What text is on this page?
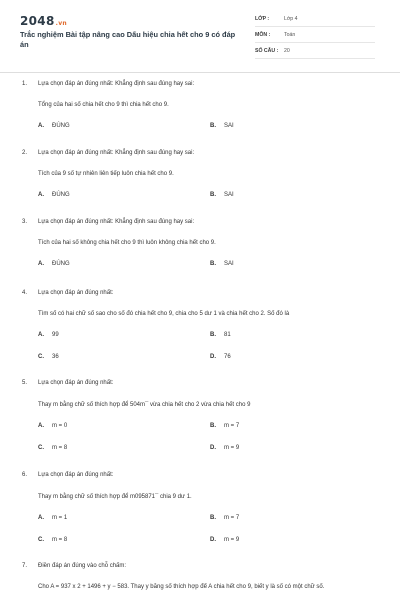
2048.vn
Trắc nghiệm Bài tập nâng cao Dấu hiệu chia hết cho 9 có đáp án
LỚP :	Lớp 4
MÔN :	Toán
SỐ CÂU : 20
1. Lựa chọn đáp án đúng nhất: Khẳng định sau đúng hay sai:
Tổng của hai số chia hết cho 9 thì chia hết cho 9.
A. ĐÚNG	B. SAI
2. Lựa chọn đáp án đúng nhất: Khẳng định sau đúng hay sai:
Tích của 9 số tự nhiên liên tiếp luôn chia hết cho 9.
A. ĐÚNG	B. SAI
3. Lựa chọn đáp án đúng nhất: Khẳng định sau đúng hay sai:
Tích của hai số không chia hết cho 9 thì luôn không chia hết cho 9.
A. ĐÚNG	B. SAI
4. Lựa chọn đáp án đúng nhất:
Tìm số có hai chữ số sao cho số đó chia hết cho 9, chia cho 5 dư 1 và chia hết cho 2. Số đó là
A. 99	B. 81
C. 36	D. 76
5. Lựa chọn đáp án đúng nhất:
Thay m bằng chữ số thích hợp để 504m¯ vừa chia hết cho 2 vừa chia hết cho 9
A. m = 0	B. m = 7
C. m = 8	D. m = 9
6. Lựa chọn đáp án đúng nhất:
Thay m bằng chữ số thích hợp để m095871¯ chia 9 dư 1.
A. m = 1	B. m = 7
C. m = 8	D. m = 9
7. Điền đáp án đúng vào chỗ chấm:
Cho A = 937 x 2 + 1496 + y − 583. Thay y bằng số thích hợp để A chia hết cho 9, biết y là số có một chữ số.
